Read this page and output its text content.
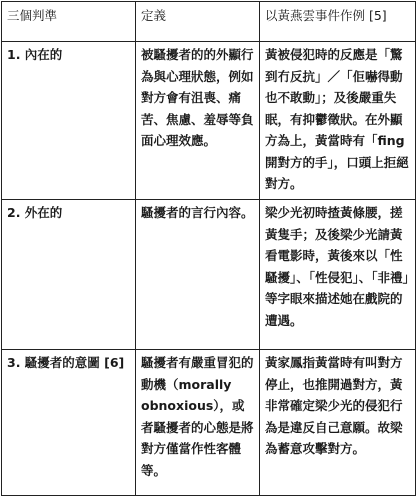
三個判準	定義	以黃燕雲事件作例 [5]
1. 內在的	被騷擾者的的外顯行為與心理狀態，例如對方會有沮喪、痛苦、焦慮、羞辱等負面心理效應。	黃被侵犯時的反應是「驚到冇反抗」／「佢嚇得動也不敢動」；及後嚴重失眠，有抑鬱徵狀。在外顯方為上，黃當時有「fing開對方的手」，口頭上拒絕對方。
2. 外在的	騷擾者的言行內容。	梁少光初時揸黃條腰，搓黃隻手；及後梁少光請黃看電影時，黃後來以「性騷擾」、「性侵犯」、「非禮」等字眼來描述她在戲院的遭遇。
3. 騷擾者的意圖 [6]	騷擾者有嚴重冒犯的動機（morally obnoxious），或者騷擾者的心態是將對方僅當作性客體等。	黃家鳳指黃當時有叫對方停止，也推開過對方，黃非常確定梁少光的侵犯行為是違反自己意願。故梁為蓄意攻擊對方。
